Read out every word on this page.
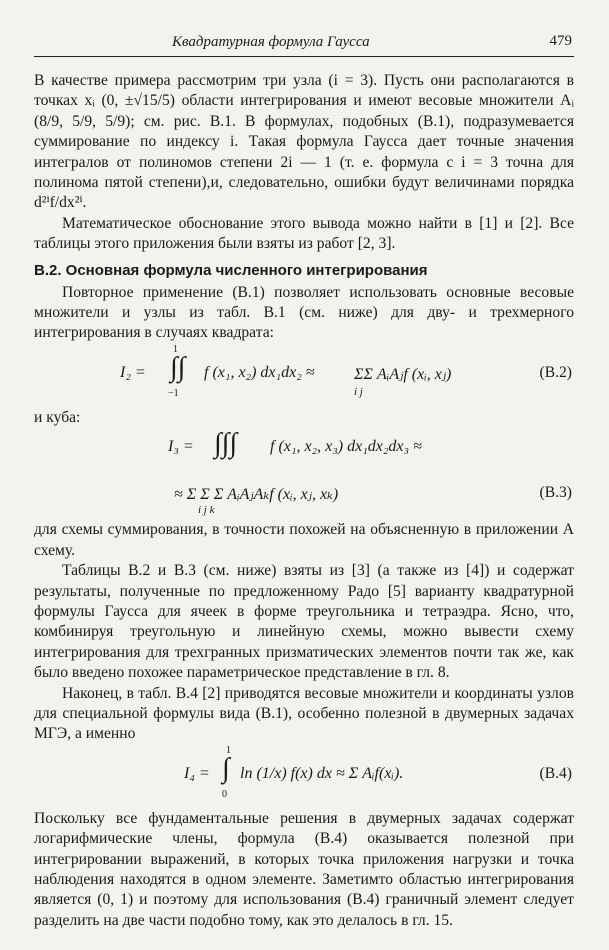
Квадратурная формула Гаусса	479

В качестве примера рассмотрим три узла (i = 3). Пусть они располагаются в точках xᵢ (0, ±√15/5) области интегрирования и имеют весовые множители Aᵢ (8/9, 5/9, 5/9); см. рис. В.1. В формулах, подобных (В.1), подразумевается суммирование по индексу i. Такая формула Гаусса дает точные значения интегралов от полиномов степени 2i — 1 (т. е. формула с i = 3 точна для полинома пятой степени),и, следовательно, ошибки будут величинами порядка d²ⁱf/dx²ⁱ.

Математическое обоснование этого вывода можно найти в [1] и [2]. Все таблицы этого приложения были взяты из работ [2, 3].

В.2. Основная формула численного интегрирования

Повторное применение (В.1) позволяет использовать основные весовые множители и узлы из табл. В.1 (см. ниже) для дву- и трехмерного интегрирования в случаях квадрата:

I₂ = ∫∫
1
−1
f (x₁, x₂) dx₁dx₂ ≈ ΣΣ AᵢAⱼf (xᵢ, xⱼ)
i j
(В.2)

и куба:

I₃ = ∫∫∫ f (x₁, x₂, x₃) dx₁dx₂dx₃ ≈
≈ Σ Σ Σ AᵢAⱼAₖf (xᵢ, xⱼ, xₖ)
i j k
(В.3)

для схемы суммирования, в точности похожей на объясненную в приложении А схему.

Таблицы В.2 и В.3 (см. ниже) взяты из [3] (а также из [4]) и содержат результаты, полученные по предложенному Радо [5] варианту квадратурной формулы Гаусса для ячеек в форме треугольника и тетраэдра. Ясно, что, комбинируя треугольную и линейную схемы, можно вывести схему интегрирования для трехгранных призматических элементов почти так же, как было введено похожее параметрическое представление в гл. 8.

Наконец, в табл. В.4 [2] приводятся весовые множители и координаты узлов для специальной формулы вида (В.1), особенно полезной в двумерных задачах МГЭ, а именно

I₄ = ∫
1
0
ln (1/x) f(x) dx ≈ Σ Aᵢf(xᵢ).	(В.4)

Поскольку все фундаментальные решения в двумерных задачах содержат логарифмические члены, формула (В.4) оказывается полезной при интегрировании выражений, в которых точка приложения нагрузки и точка наблюдения находятся в одном элементе. Заметимто областью интегрирования является (0, 1) и поэтому для использования (В.4) граничный элемент следует разделить на две части подобно тому, как это делалось в гл. 15.
